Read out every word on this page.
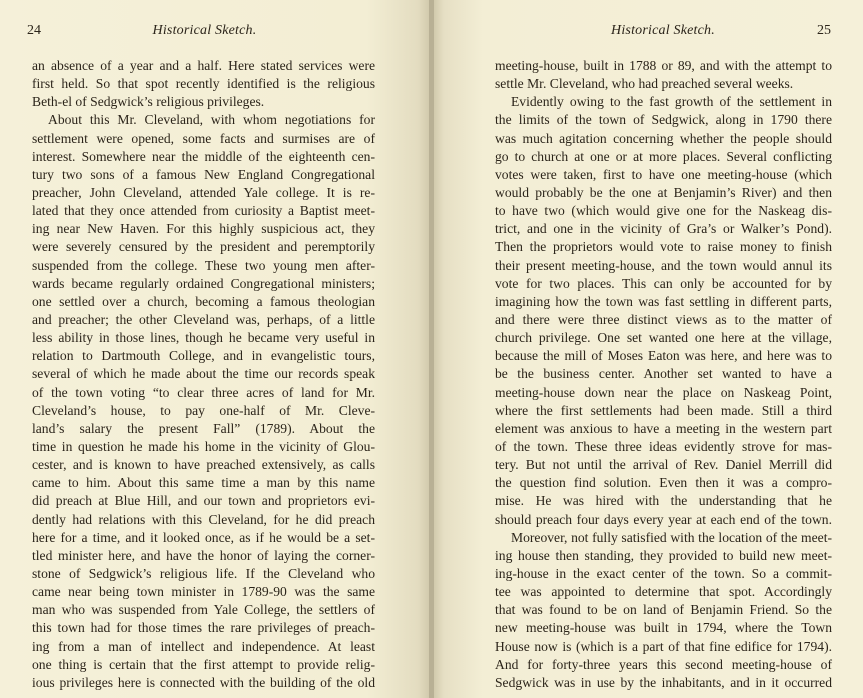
24	Historical Sketch.
an absence of a year and a half. Here stated services were
first held. So that spot recently identified is the religious
Beth-el of Sedgwick’s religious privileges.
About this Mr. Cleveland, with whom negotiations for
settlement were opened, some facts and surmises are of
interest. Somewhere near the middle of the eighteenth cen-
tury two sons of a famous New England Congregational
preacher, John Cleveland, attended Yale college. It is re-
lated that they once attended from curiosity a Baptist meet-
ing near New Haven. For this highly suspicious act, they
were severely censured by the president and peremptorily
suspended from the college. These two young men after-
wards became regularly ordained Congregational ministers;
one settled over a church, becoming a famous theologian
and preacher; the other Cleveland was, perhaps, of a little
less ability in those lines, though he became very useful in
relation to Dartmouth College, and in evangelistic tours,
several of which he made about the time our records speak
of the town voting “to clear three acres of land for Mr.
Cleveland’s house, to pay one-half of Mr. Cleve-
land’s salary the present Fall” (1789). About the
time in question he made his home in the vicinity of Glou-
cester, and is known to have preached extensively, as calls
came to him. About this same time a man by this name
did preach at Blue Hill, and our town and proprietors evi-
dently had relations with this Cleveland, for he did preach
here for a time, and it looked once, as if he would be a set-
tled minister here, and have the honor of laying the corner-
stone of Sedgwick’s religious life. If the Cleveland who
came near being town minister in 1789-90 was the same
man who was suspended from Yale College, the settlers of
this town had for those times the rare privileges of preach-
ing from a man of intellect and independence. At least
one thing is certain that the first attempt to provide relig-
ious privileges here is connected with the building of the old
Historical Sketch.	25
meeting-house, built in 1788 or 89, and with the attempt to
settle Mr. Cleveland, who had preached several weeks.
Evidently owing to the fast growth of the settlement in
the limits of the town of Sedgwick, along in 1790 there
was much agitation concerning whether the people should
go to church at one or at more places. Several conflicting
votes were taken, first to have one meeting-house (which
would probably be the one at Benjamin’s River) and then
to have two (which would give one for the Naskeag dis-
trict, and one in the vicinity of Gra’s or Walker’s Pond).
Then the proprietors would vote to raise money to finish
their present meeting-house, and the town would annul its
vote for two places. This can only be accounted for by
imagining how the town was fast settling in different parts,
and there were three distinct views as to the matter of
church privilege. One set wanted one here at the village,
because the mill of Moses Eaton was here, and here was to
be the business center. Another set wanted to have a
meeting-house down near the place on Naskeag Point,
where the first settlements had been made. Still a third
element was anxious to have a meeting in the western part
of the town. These three ideas evidently strove for mas-
tery. But not until the arrival of Rev. Daniel Merrill did
the question find solution. Even then it was a compro-
mise. He was hired with the understanding that he
should preach four days every year at each end of the town.
Moreover, not fully satisfied with the location of the meet-
ing house then standing, they provided to build new meet-
ing-house in the exact center of the town. So a commit-
tee was appointed to determine that spot. Accordingly
that was found to be on land of Benjamin Friend. So the
new meeting-house was built in 1794, where the Town
House now is (which is a part of that fine edifice for 1794).
And for forty-three years this second meeting-house of
Sedgwick was in use by the inhabitants, and in it occurred
